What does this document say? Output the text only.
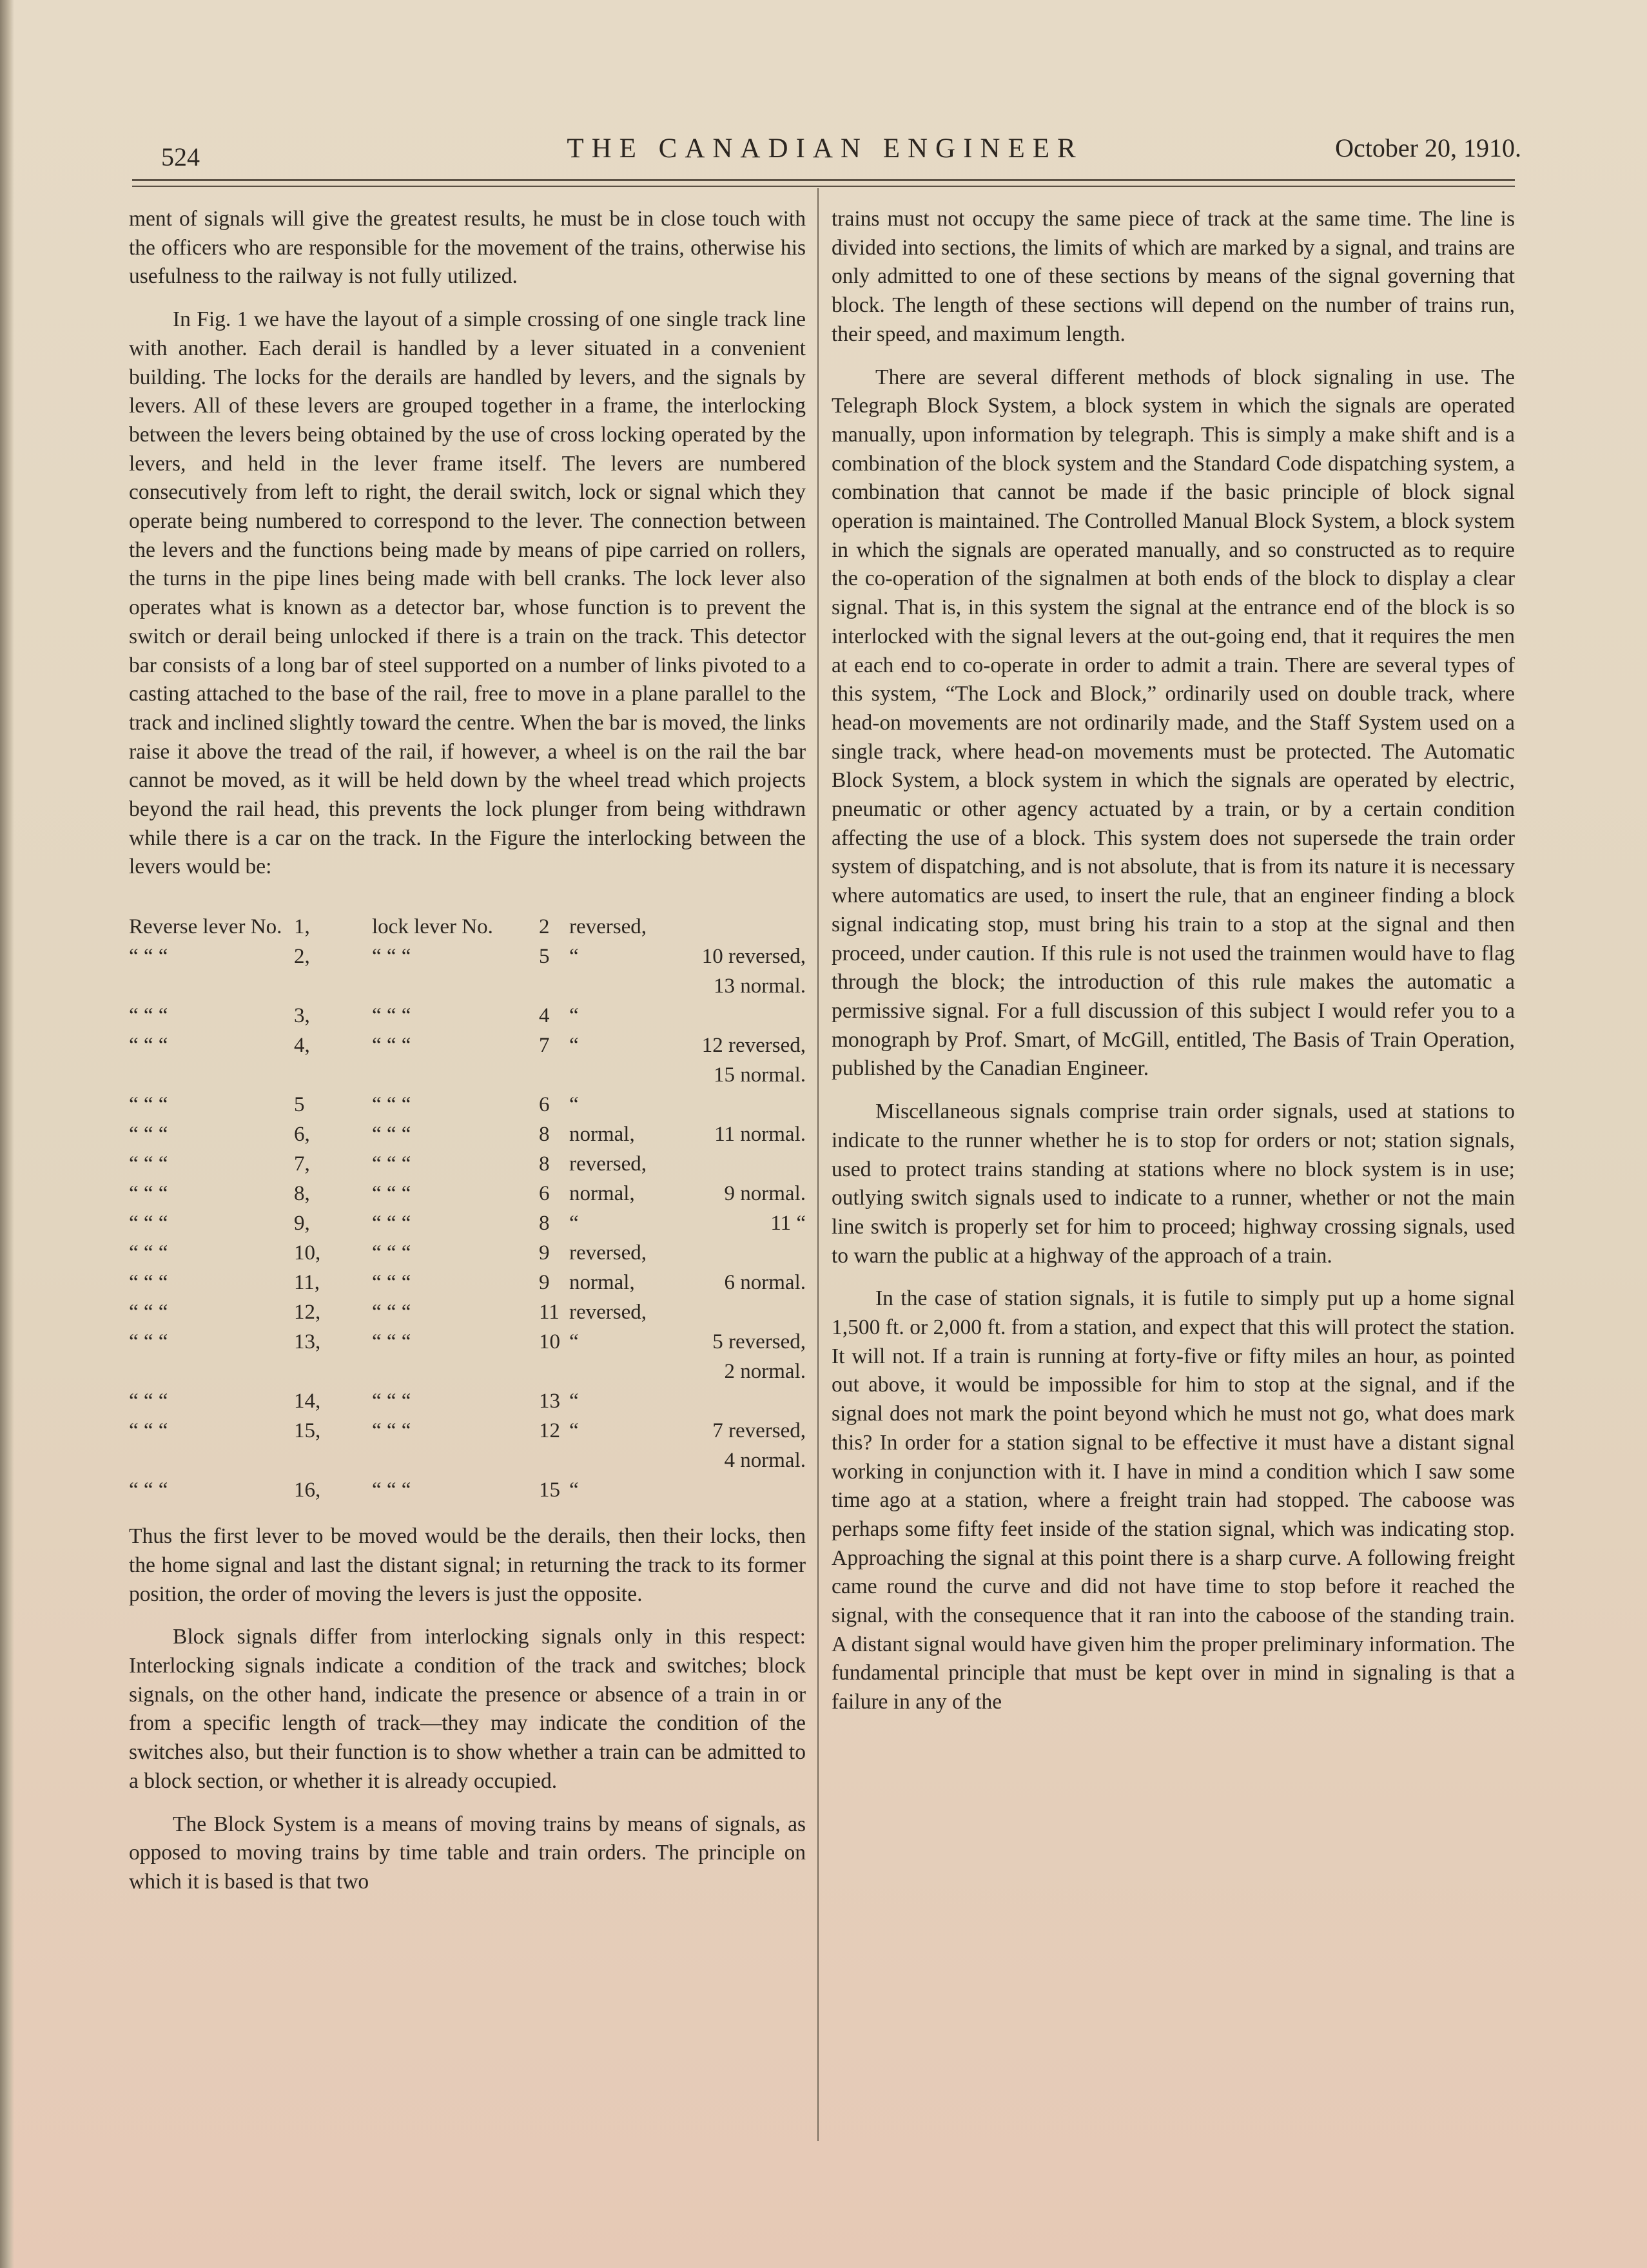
524	THE CANADIAN ENGINEER	October 20, 1910.

ment of signals will give the greatest results, he must be in close touch with the officers who are responsible for the movement of the trains, otherwise his usefulness to the railway is not fully utilized.

In Fig. 1 we have the layout of a simple crossing of one single track line with another. Each derail is handled by a lever situated in a convenient building. The locks for the derails are handled by levers, and the signals by levers. All of these levers are grouped together in a frame, the interlocking between the levers being obtained by the use of cross locking operated by the levers, and held in the lever frame itself. The levers are numbered consecutively from left to right, the derail switch, lock or signal which they operate being numbered to correspond to the lever. The connection between the levers and the functions being made by means of pipe carried on rollers, the turns in the pipe lines being made with bell cranks. The lock lever also operates what is known as a detector bar, whose function is to prevent the switch or derail being unlocked if there is a train on the track. This detector bar consists of a long bar of steel supported on a number of links pivoted to a casting attached to the base of the rail, free to move in a plane parallel to the track and inclined slightly toward the centre. When the bar is moved, the links raise it above the tread of the rail, if however, a wheel is on the rail the bar cannot be moved, as it will be held down by the wheel tread which projects beyond the rail head, this prevents the lock plunger from being withdrawn while there is a car on the track. In the Figure the interlocking between the levers would be:

Reverse lever No. 1,	lock lever No. 2 reversed,
“ “ “	2,	“ “ “	5 “	10 reversed,
13 normal.
“ “ “	3,	“ “ “	4 “
“ “ “	4,	“ “ “	7 “	12 reversed,
15 normal.
“ “ “	5	“ “ “	6 “
“ “ “	6,	“ “ “	8 normal,	11 normal.
“ “ “	7,	“ “ “	8 reversed,
“ “ “	8,	“ “ “	6 normal,	9 normal.
“ “ “	9,	“ “ “	8 “	11 “
“ “ “	10, “ “ “	9 reversed,
“ “ “	11, “ “ “	9 normal,	6 normal.
“ “ “	12, “ “ “	11 reversed,
“ “ “	13, “ “ “	10 “	5 reversed,
2 normal.
“ “ “	14, “ “ “	13 “
“ “ “	15, “ “ “	12 “	7 reversed,
4 normal.
“ “ “	16, “ “ “	15 “

Thus the first lever to be moved would be the derails, then their locks, then the home signal and last the distant signal; in returning the track to its former position, the order of moving the levers is just the opposite.

Block signals differ from interlocking signals only in this respect: Interlocking signals indicate a condition of the track and switches; block signals, on the other hand, indicate the presence or absence of a train in or from a specific length of track—they may indicate the condition of the switches also, but their function is to show whether a train can be admitted to a block section, or whether it is already occupied.

The Block System is a means of moving trains by means of signals, as opposed to moving trains by time table and train orders. The principle on which it is based is that two

trains must not occupy the same piece of track at the same time. The line is divided into sections, the limits of which are marked by a signal, and trains are only admitted to one of these sections by means of the signal governing that block. The length of these sections will depend on the number of trains run, their speed, and maximum length.

There are several different methods of block signaling in use. The Telegraph Block System, a block system in which the signals are operated manually, upon information by telegraph. This is simply a make shift and is a combination of the block system and the Standard Code dispatching system, a combination that cannot be made if the basic principle of block signal operation is maintained. The Controlled Manual Block System, a block system in which the signals are operated manually, and so constructed as to require the co-operation of the signalmen at both ends of the block to display a clear signal. That is, in this system the signal at the entrance end of the block is so interlocked with the signal levers at the out-going end, that it requires the men at each end to co-operate in order to admit a train. There are several types of this system, “The Lock and Block,” ordinarily used on double track, where head-on movements are not ordinarily made, and the Staff System used on a single track, where head-on movements must be protected. The Automatic Block System, a block system in which the signals are operated by electric, pneumatic or other agency actuated by a train, or by a certain condition affecting the use of a block. This system does not supersede the train order system of dispatching, and is not absolute, that is from its nature it is necessary where automatics are used, to insert the rule, that an engineer finding a block signal indicating stop, must bring his train to a stop at the signal and then proceed, under caution. If this rule is not used the trainmen would have to flag through the block; the introduction of this rule makes the automatic a permissive signal. For a full discussion of this subject I would refer you to a monograph by Prof. Smart, of McGill, entitled, The Basis of Train Operation, published by the Canadian Engineer.

Miscellaneous signals comprise train order signals, used at stations to indicate to the runner whether he is to stop for orders or not; station signals, used to protect trains standing at stations where no block system is in use; outlying switch signals used to indicate to a runner, whether or not the main line switch is properly set for him to proceed; highway crossing signals, used to warn the public at a highway of the approach of a train.

In the case of station signals, it is futile to simply put up a home signal 1,500 ft. or 2,000 ft. from a station, and expect that this will protect the station. It will not. If a train is running at forty-five or fifty miles an hour, as pointed out above, it would be impossible for him to stop at the signal, and if the signal does not mark the point beyond which he must not go, what does mark this? In order for a station signal to be effective it must have a distant signal working in conjunction with it. I have in mind a condition which I saw some time ago at a station, where a freight train had stopped. The caboose was perhaps some fifty feet inside of the station signal, which was indicating stop. Approaching the signal at this point there is a sharp curve. A following freight came round the curve and did not have time to stop before it reached the signal, with the consequence that it ran into the caboose of the standing train. A distant signal would have given him the proper preliminary information. The fundamental principle that must be kept over in mind in signaling is that a failure in any of the
